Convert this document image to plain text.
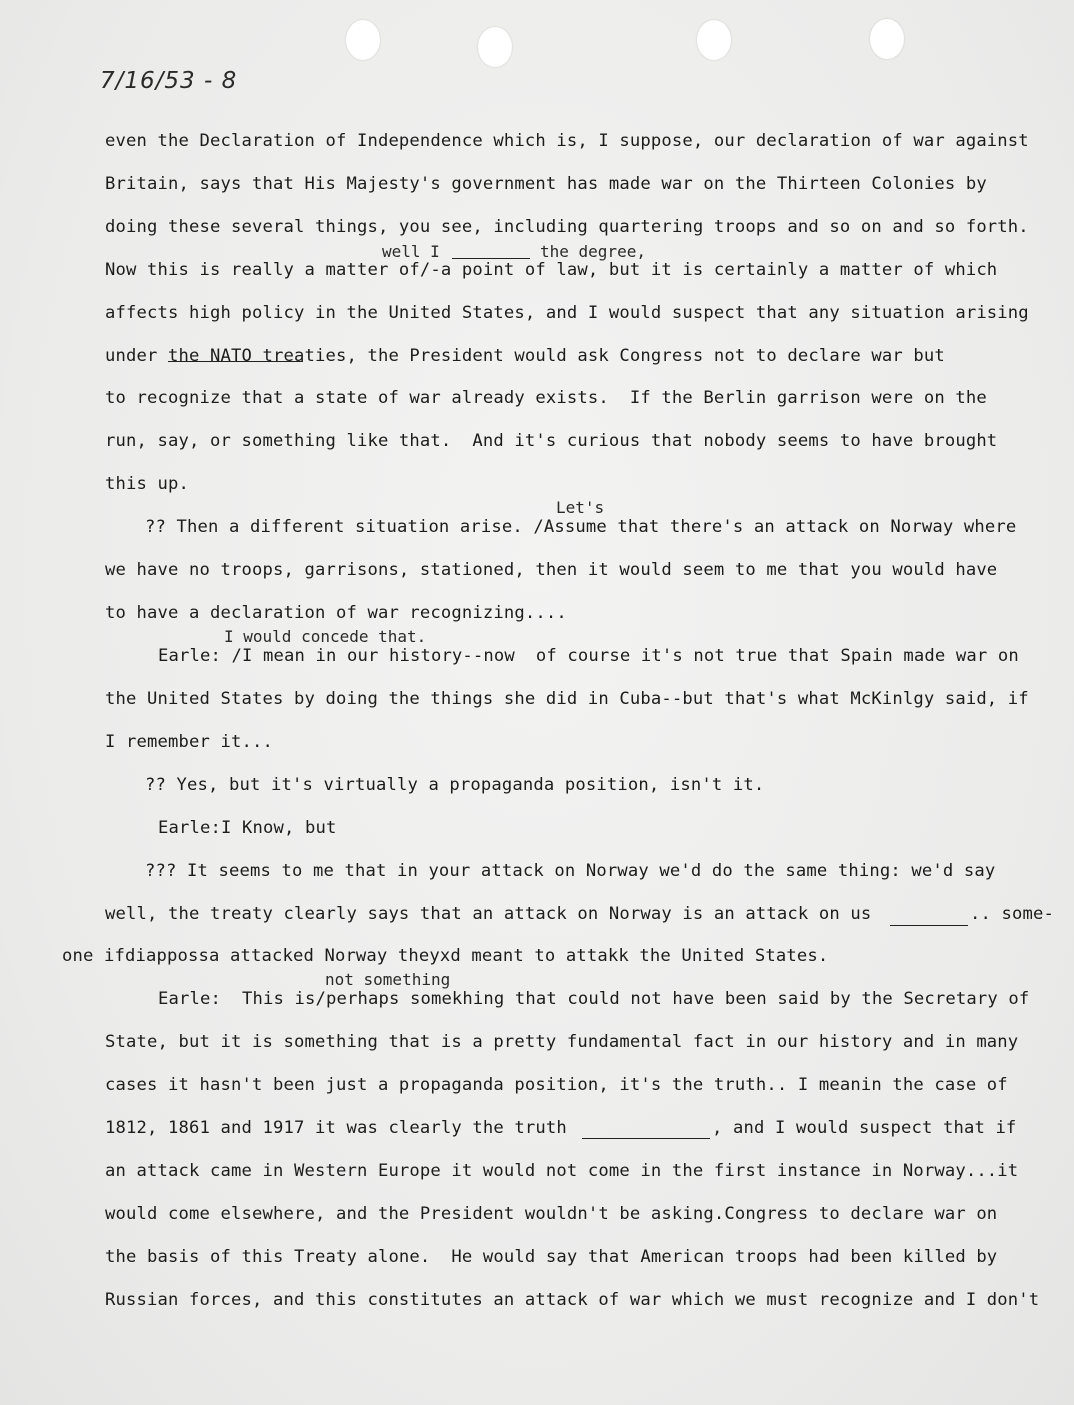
7/16/53 - 8
even the Declaration of Independence which is, I suppose, our declaration of war against
Britain, says that His Majesty's government has made war on the Thirteen Colonies by
doing these several things, you see, including quartering troops and so on and so forth.
well I	the degree,
Now this is really a matter of/-a point of law, but it is certainly a matter of which
affects high policy in the United States, and I would suspect that any situation arising
under the NATO treaties, the President would ask Congress not to declare war but
to recognize that a state of war already exists.  If the Berlin garrison were on the
run, say, or something like that.  And it's curious that nobody seems to have brought
this up.
Let's
?? Then a different situation arise. /Assume that there's an attack on Norway where
we have no troops, garrisons, stationed, then it would seem to me that you would have
to have a declaration of war recognizing....
I would concede that.
Earle: /I mean in our history--now  of course it's not true that Spain made war on
the United States by doing the things she did in Cuba--but that's what McKinlgy said, if
I remember it...
?? Yes, but it's virtually a propaganda position, isn't it.
Earle:I Know, but
??? It seems to me that in your attack on Norway we'd do the same thing: we'd say
well, the treaty clearly says that an attack on Norway is an attack on us	.. some-
one ifdiappossa attacked Norway theyxd meant to attakk the United States.
not something
Earle:  This is/perhaps somekhing that could not have been said by the Secretary of
State, but it is something that is a pretty fundamental fact in our history and in many
cases it hasn't been just a propaganda position, it's the truth.. I meanin the case of
1812, 1861 and 1917 it was clearly the truth	, and I would suspect that if
an attack came in Western Europe it would not come in the first instance in Norway...it
would come elsewhere, and the President wouldn't be asking.Congress to declare war on
the basis of this Treaty alone.  He would say that American troops had been killed by
Russian forces, and this constitutes an attack of war which we must recognize and I don't
